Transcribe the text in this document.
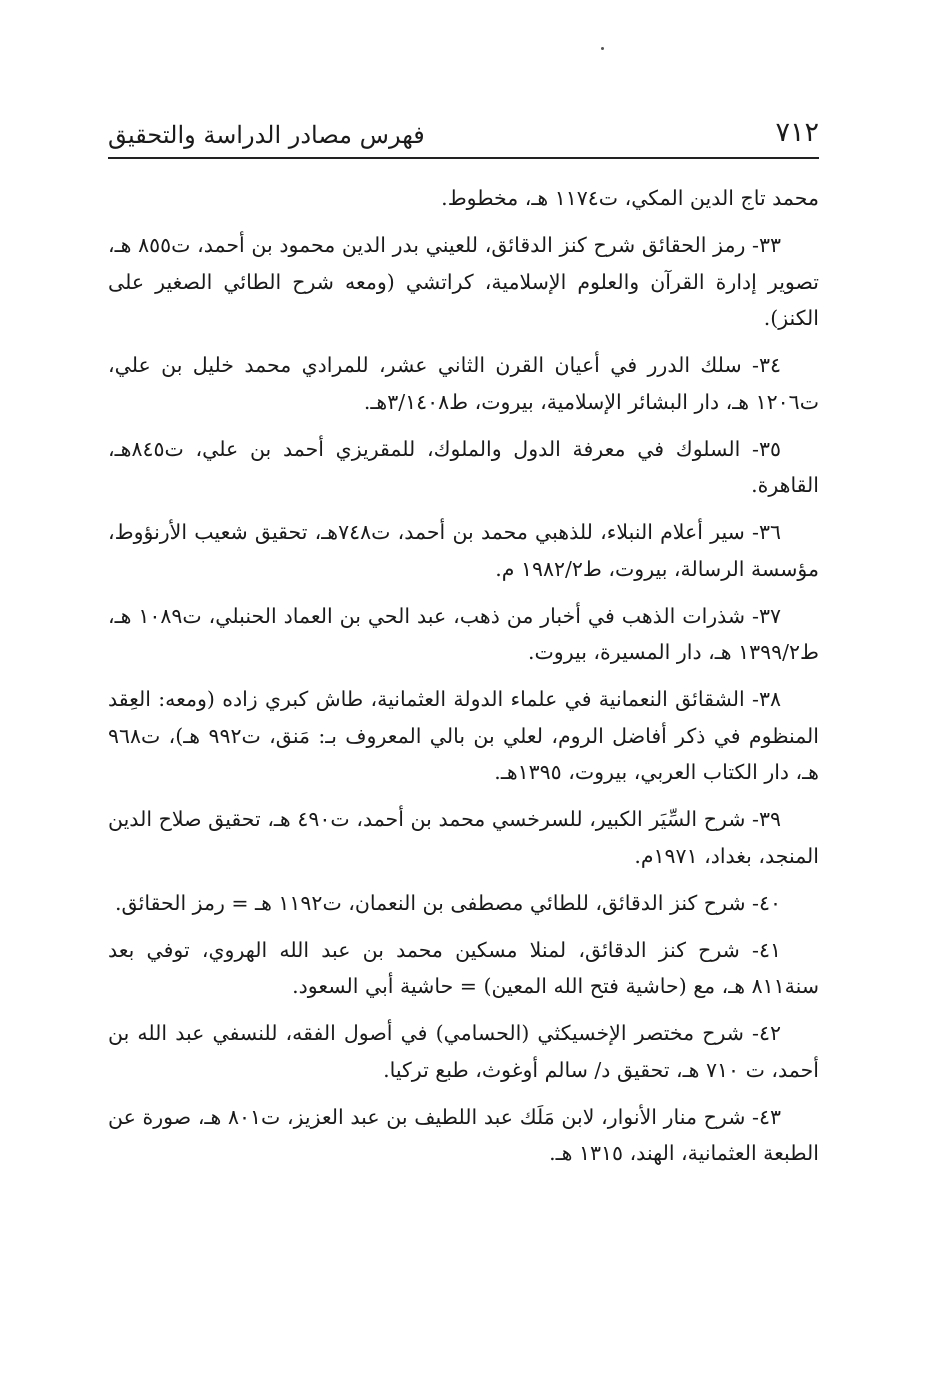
٧١٢
فهرس مصادر الدراسة والتحقيق

محمد تاج الدين المكي، ت١١٧٤ هـ، مخطوط.

٣٣- رمز الحقائق شرح كنز الدقائق، للعيني بدر الدين محمود بن أحمد، ت٨٥٥ هـ، تصوير إدارة القرآن والعلوم الإسلامية، كراتشي (ومعه شرح الطائي الصغير على الكنز).

٣٤- سلك الدرر في أعيان القرن الثاني عشر، للمرادي محمد خليل بن علي، ت١٢٠٦ هـ، دار البشائر الإسلامية، بيروت، ط٣/١٤٠٨هـ.

٣٥- السلوك في معرفة الدول والملوك، للمقريزي أحمد بن علي، ت٨٤٥هـ، القاهرة.

٣٦- سير أعلام النبلاء، للذهبي محمد بن أحمد، ت٧٤٨هـ، تحقيق شعيب الأرنؤوط، مؤسسة الرسالة، بيروت، ط١٩٨٢/٢ م.

٣٧- شذرات الذهب في أخبار من ذهب، عبد الحي بن العماد الحنبلي، ت١٠٨٩ هـ، ط١٣٩٩/٢ هـ، دار المسيرة، بيروت.

٣٨- الشقائق النعمانية في علماء الدولة العثمانية، طاش كبري زاده (ومعه: العِقد المنظوم في ذكر أفاضل الروم، لعلي بن بالي المعروف بـ: مَنق، ت٩٩٢ هـ)، ت٩٦٨ هـ، دار الكتاب العربي، بيروت، ١٣٩٥هـ.

٣٩- شرح السِّيَر الكبير، للسرخسي محمد بن أحمد، ت٤٩٠ هـ، تحقيق صلاح الدين المنجد، بغداد، ١٩٧١م.

٤٠- شرح كنز الدقائق، للطائي مصطفى بن النعمان، ت١١٩٢ هـ = رمز الحقائق.

٤١- شرح كنز الدقائق، لمنلا مسكين محمد بن عبد الله الهروي، توفي بعد سنة٨١١ هـ، مع (حاشية فتح الله المعين) = حاشية أبي السعود.

٤٢- شرح مختصر الإخسيكثي (الحسامي) في أصول الفقه، للنسفي عبد الله بن أحمد، ت ٧١٠ هـ، تحقيق د/ سالم أوغوث، طبع تركيا.

٤٣- شرح منار الأنوار، لابن مَلَك عبد اللطيف بن عبد العزيز، ت٨٠١ هـ، صورة عن الطبعة العثمانية، الهند، ١٣١٥ هـ.
